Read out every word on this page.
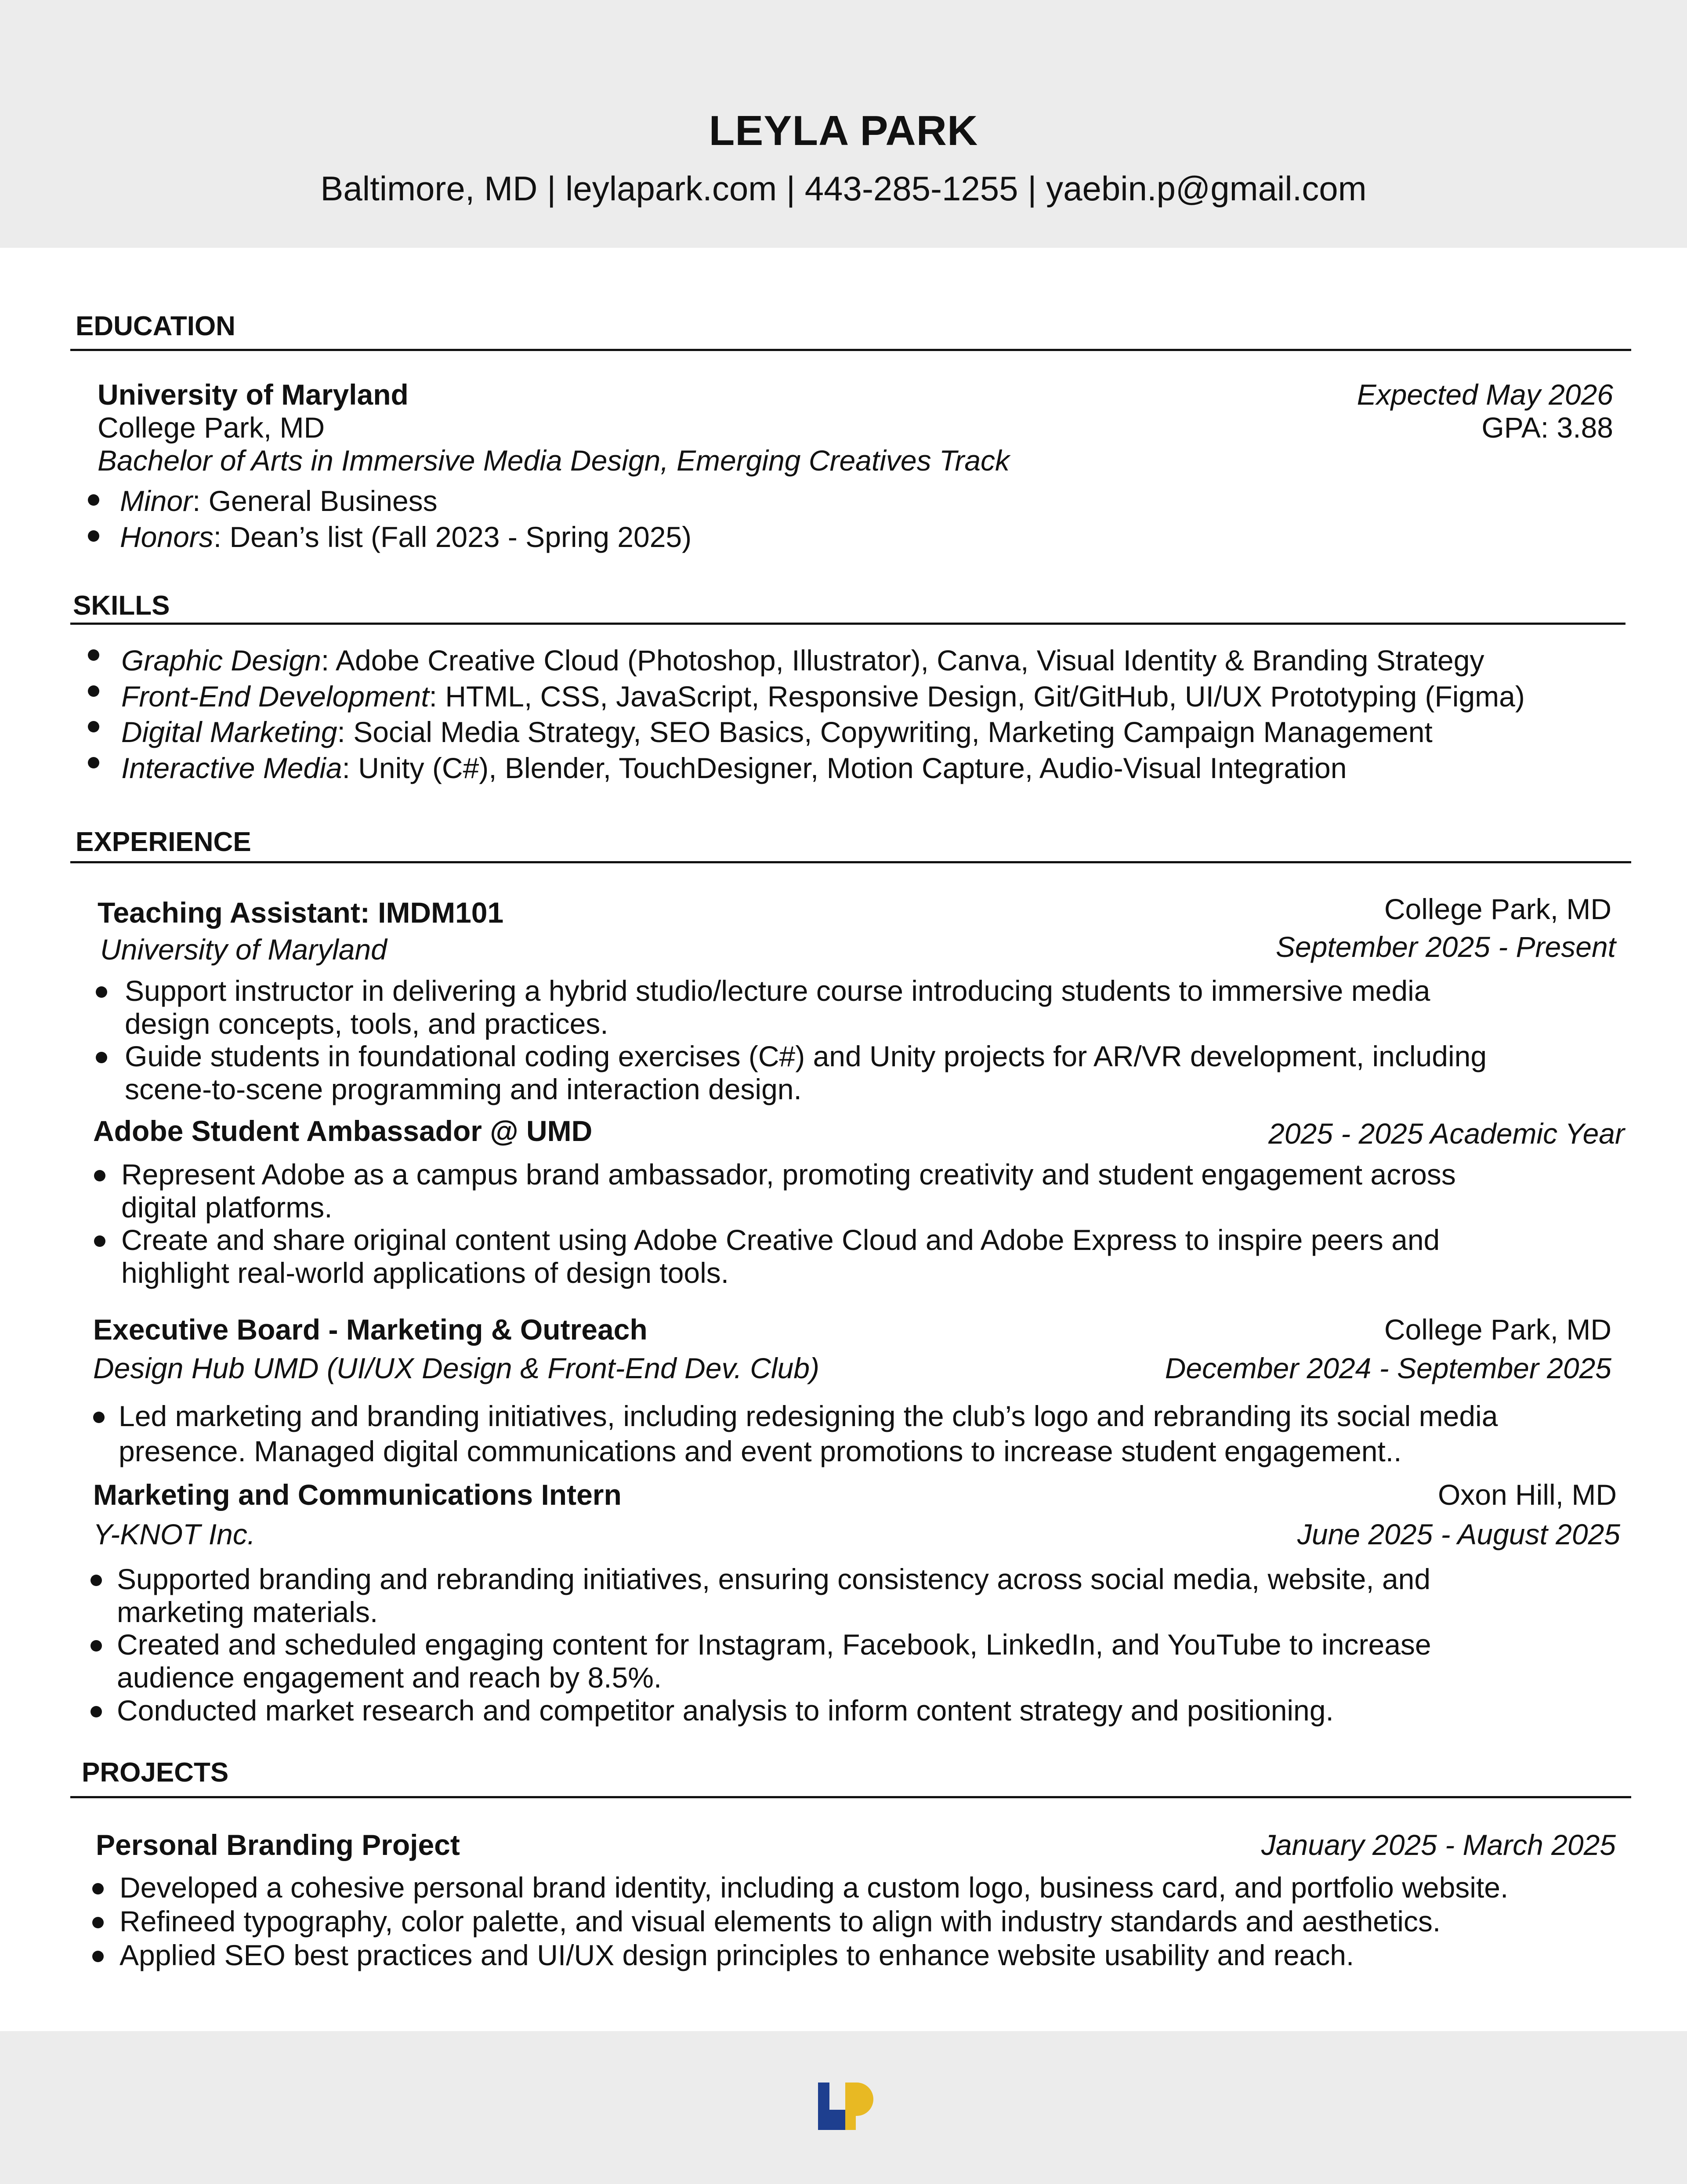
LEYLA PARK
Baltimore, MD | leylapark.com | 443-285-1255 | yaebin.p@gmail.com
EDUCATION
University of Maryland	Expected May 2026
College Park, MD	GPA: 3.88
Bachelor of Arts in Immersive Media Design, Emerging Creatives Track
Minor: General Business
Honors: Dean’s list (Fall 2023 - Spring 2025)
SKILLS
Graphic Design: Adobe Creative Cloud (Photoshop, Illustrator), Canva, Visual Identity & Branding Strategy
Front-End Development: HTML, CSS, JavaScript, Responsive Design, Git/GitHub, UI/UX Prototyping (Figma)
Digital Marketing: Social Media Strategy, SEO Basics, Copywriting, Marketing Campaign Management
Interactive Media: Unity (C#), Blender, TouchDesigner, Motion Capture, Audio-Visual Integration
EXPERIENCE
Teaching Assistant: IMDM101	College Park, MD
University of Maryland	September 2025 - Present
Support instructor in delivering a hybrid studio/lecture course introducing students to immersive media
design concepts, tools, and practices.
Guide students in foundational coding exercises (C#) and Unity projects for AR/VR development, including
scene-to-scene programming and interaction design.
Adobe Student Ambassador @ UMD	2025 - 2025 Academic Year
Represent Adobe as a campus brand ambassador, promoting creativity and student engagement across
digital platforms.
Create and share original content using Adobe Creative Cloud and Adobe Express to inspire peers and
highlight real-world applications of design tools.
Executive Board - Marketing & Outreach	College Park, MD
Design Hub UMD (UI/UX Design & Front-End Dev. Club)	December 2024 - September 2025
Led marketing and branding initiatives, including redesigning the club’s logo and rebranding its social media
presence. Managed digital communications and event promotions to increase student engagement..
Marketing and Communications Intern	Oxon Hill, MD
Y-KNOT Inc.	June 2025 - August 2025
Supported branding and rebranding initiatives, ensuring consistency across social media, website, and
marketing materials.
Created and scheduled engaging content for Instagram, Facebook, LinkedIn, and YouTube to increase
audience engagement and reach by 8.5%.
Conducted market research and competitor analysis to inform content strategy and positioning.
PROJECTS
Personal Branding Project	January 2025 - March 2025
Developed a cohesive personal brand identity, including a custom logo, business card, and portfolio website.
Refineed typography, color palette, and visual elements to align with industry standards and aesthetics.
Applied SEO best practices and UI/UX design principles to enhance website usability and reach.
